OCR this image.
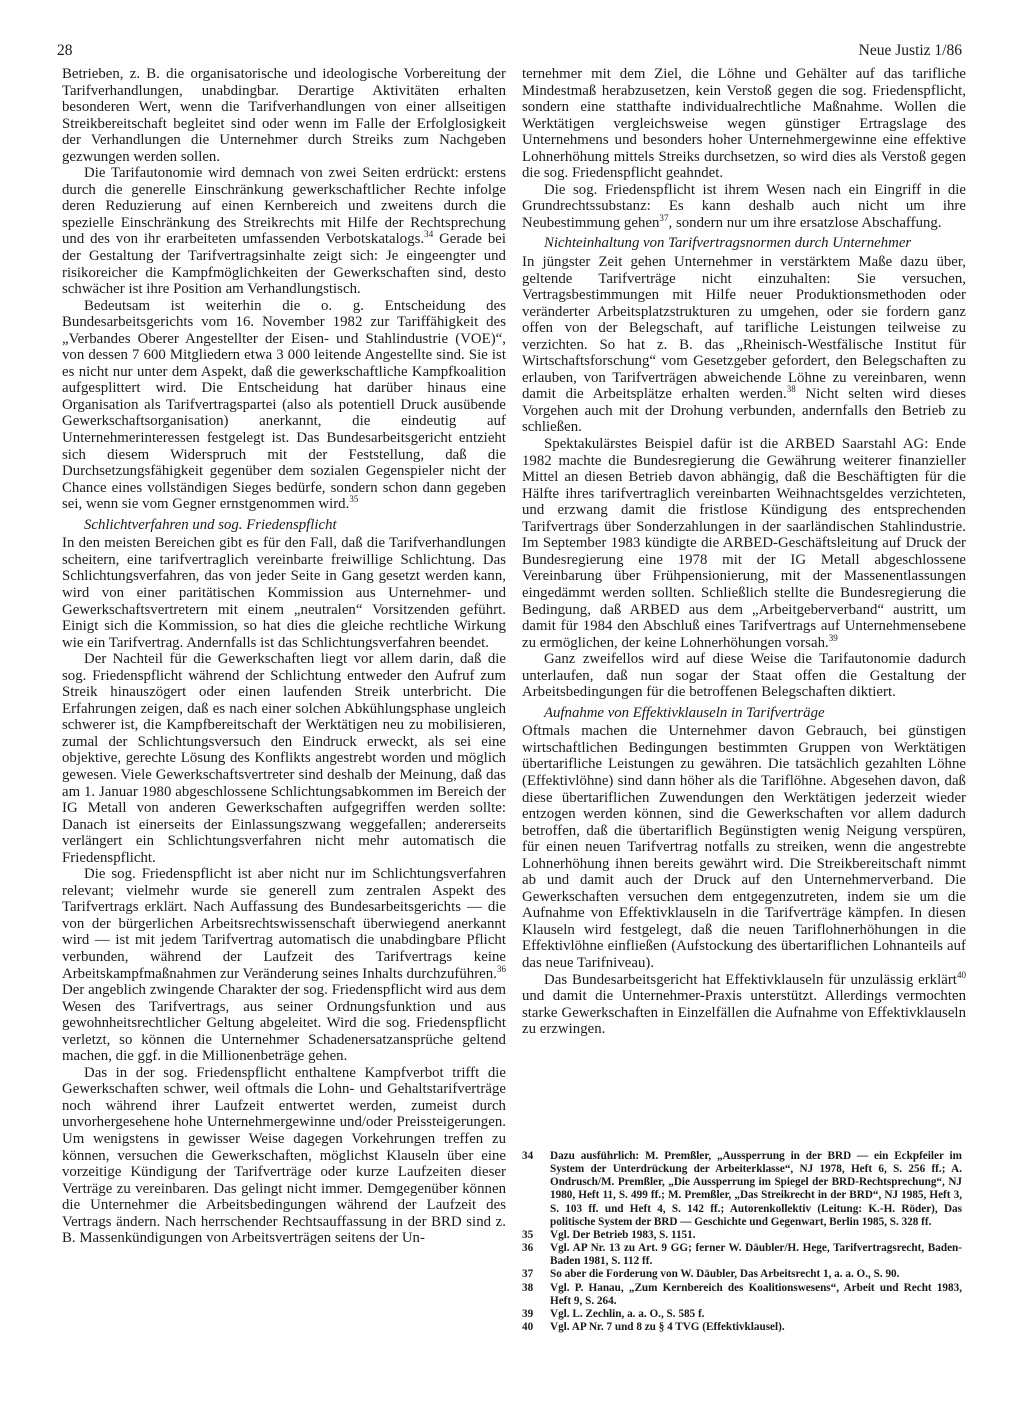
28	Neue Justiz 1/86

Betrieben, z. B. die organisatorische und ideologische Vorbereitung der Tarifverhandlungen, unabdingbar. Derartige Aktivitäten erhalten besonderen Wert, wenn die Tarifverhandlungen von einer allseitigen Streikbereitschaft begleitet sind oder wenn im Falle der Erfolglosigkeit der Verhandlungen die Unternehmer durch Streiks zum Nachgeben gezwungen werden sollen.

Die Tarifautonomie wird demnach von zwei Seiten erdrückt: erstens durch die generelle Einschränkung gewerkschaftlicher Rechte infolge deren Reduzierung auf einen Kernbereich und zweitens durch die spezielle Einschränkung des Streikrechts mit Hilfe der Rechtsprechung und des von ihr erarbeiteten umfassenden Verbotskatalogs.$^{34}$ Gerade bei der Gestaltung der Tarifvertragsinhalte zeigt sich: Je eingeengter und risikoreicher die Kampfmöglichkeiten der Gewerkschaften sind, desto schwächer ist ihre Position am Verhandlungstisch.

Bedeutsam ist weiterhin die o. g. Entscheidung des Bundesarbeitsgerichts vom 16. November 1982 zur Tariffähigkeit des „Verbandes Oberer Angestellter der Eisen- und Stahlindustrie (VOE)“, von dessen 7 600 Mitgliedern etwa 3 000 leitende Angestellte sind. Sie ist es nicht nur unter dem Aspekt, daß die gewerkschaftliche Kampfkoalition aufgesplittert wird. Die Entscheidung hat darüber hinaus eine Organisation als Tarifvertragspartei (also als potentiell Druck ausübende Gewerkschaftsorganisation) anerkannt, die eindeutig auf Unternehmerinteressen festgelegt ist. Das Bundesarbeitsgericht entzieht sich diesem Widerspruch mit der Feststellung, daß die Durchsetzungsfähigkeit gegenüber dem sozialen Gegenspieler nicht der Chance eines vollständigen Sieges bedürfe, sondern schon dann gegeben sei, wenn sie vom Gegner ernstgenommen wird.$^{35}$

Schlichtverfahren und sog. Friedenspflicht

In den meisten Bereichen gibt es für den Fall, daß die Tarifverhandlungen scheitern, eine tarifvertraglich vereinbarte freiwillige Schlichtung. Das Schlichtungsverfahren, das von jeder Seite in Gang gesetzt werden kann, wird von einer paritätischen Kommission aus Unternehmer- und Gewerkschaftsvertretern mit einem „neutralen“ Vorsitzenden geführt. Einigt sich die Kommission, so hat dies die gleiche rechtliche Wirkung wie ein Tarifvertrag. Andernfalls ist das Schlichtungsverfahren beendet.

Der Nachteil für die Gewerkschaften liegt vor allem darin, daß die sog. Friedenspflicht während der Schlichtung entweder den Aufruf zum Streik hinauszögert oder einen laufenden Streik unterbricht. Die Erfahrungen zeigen, daß es nach einer solchen Abkühlungsphase ungleich schwerer ist, die Kampfbereitschaft der Werktätigen neu zu mobilisieren, zumal der Schlichtungsversuch den Eindruck erweckt, als sei eine objektive, gerechte Lösung des Konflikts angestrebt worden und möglich gewesen. Viele Gewerkschaftsvertreter sind deshalb der Meinung, daß das am 1. Januar 1980 abgeschlossene Schlichtungsabkommen im Bereich der IG Metall von anderen Gewerkschaften aufgegriffen werden sollte: Danach ist einerseits der Einlassungszwang weggefallen; andererseits verlängert ein Schlichtungsverfahren nicht mehr automatisch die Friedenspflicht.

Die sog. Friedenspflicht ist aber nicht nur im Schlichtungsverfahren relevant; vielmehr wurde sie generell zum zentralen Aspekt des Tarifvertrags erklärt. Nach Auffassung des Bundesarbeitsgerichts — die von der bürgerlichen Arbeitsrechtswissenschaft überwiegend anerkannt wird — ist mit jedem Tarifvertrag automatisch die unabdingbare Pflicht verbunden, während der Laufzeit des Tarifvertrags keine Arbeitskampfmaßnahmen zur Veränderung seines Inhalts durchzuführen.$^{36}$ Der angeblich zwingende Charakter der sog. Friedenspflicht wird aus dem Wesen des Tarifvertrags, aus seiner Ordnungsfunktion und aus gewohnheitsrechtlicher Geltung abgeleitet. Wird die sog. Friedenspflicht verletzt, so können die Unternehmer Schadenersatzansprüche geltend machen, die ggf. in die Millionenbeträge gehen.

Das in der sog. Friedenspflicht enthaltene Kampfverbot trifft die Gewerkschaften schwer, weil oftmals die Lohn- und Gehaltstarifverträge noch während ihrer Laufzeit entwertet werden, zumeist durch unvorhergesehene hohe Unternehmergewinne und/oder Preissteigerungen. Um wenigstens in gewisser Weise dagegen Vorkehrungen treffen zu können, versuchen die Gewerkschaften, möglichst Klauseln über eine vorzeitige Kündigung der Tarifverträge oder kurze Laufzeiten dieser Verträge zu vereinbaren. Das gelingt nicht immer. Demgegenüber können die Unternehmer die Arbeitsbedingungen während der Laufzeit des Vertrags ändern. Nach herrschender Rechtsauffassung in der BRD sind z. B. Massenkündigungen von Arbeitsverträgen seitens der Un-

ternehmer mit dem Ziel, die Löhne und Gehälter auf das tarifliche Mindestmaß herabzusetzen, kein Verstoß gegen die sog. Friedenspflicht, sondern eine statthafte individualrechtliche Maßnahme. Wollen die Werktätigen vergleichsweise wegen günstiger Ertragslage des Unternehmens und besonders hoher Unternehmergewinne eine effektive Lohnerhöhung mittels Streiks durchsetzen, so wird dies als Verstoß gegen die sog. Friedenspflicht geahndet.

Die sog. Friedenspflicht ist ihrem Wesen nach ein Eingriff in die Grundrechtssubstanz: Es kann deshalb auch nicht um ihre Neubestimmung gehen$^{37}$, sondern nur um ihre ersatzlose Abschaffung.

Nichteinhaltung von Tarifvertragsnormen durch Unternehmer

In jüngster Zeit gehen Unternehmer in verstärktem Maße dazu über, geltende Tarifverträge nicht einzuhalten: Sie versuchen, Vertragsbestimmungen mit Hilfe neuer Produktionsmethoden oder veränderter Arbeitsplatzstrukturen zu umgehen, oder sie fordern ganz offen von der Belegschaft, auf tarifliche Leistungen teilweise zu verzichten. So hat z. B. das „Rheinisch-Westfälische Institut für Wirtschaftsforschung“ vom Gesetzgeber gefordert, den Belegschaften zu erlauben, von Tarifverträgen abweichende Löhne zu vereinbaren, wenn damit die Arbeitsplätze erhalten werden.$^{38}$ Nicht selten wird dieses Vorgehen auch mit der Drohung verbunden, andernfalls den Betrieb zu schließen.

Spektakulärstes Beispiel dafür ist die ARBED Saarstahl AG: Ende 1982 machte die Bundesregierung die Gewährung weiterer finanzieller Mittel an diesen Betrieb davon abhängig, daß die Beschäftigten für die Hälfte ihres tarifvertraglich vereinbarten Weihnachtsgeldes verzichteten, und erzwang damit die fristlose Kündigung des entsprechenden Tarifvertrags über Sonderzahlungen in der saarländischen Stahlindustrie. Im September 1983 kündigte die ARBED-Geschäftsleitung auf Druck der Bundesregierung eine 1978 mit der IG Metall abgeschlossene Vereinbarung über Frühpensionierung, mit der Massenentlassungen eingedämmt werden sollten. Schließlich stellte die Bundesregierung die Bedingung, daß ARBED aus dem „Arbeitgeberverband“ austritt, um damit für 1984 den Abschluß eines Tarifvertrags auf Unternehmensebene zu ermöglichen, der keine Lohnerhöhungen vorsah.$^{39}$

Ganz zweifellos wird auf diese Weise die Tarifautonomie dadurch unterlaufen, daß nun sogar der Staat offen die Gestaltung der Arbeitsbedingungen für die betroffenen Belegschaften diktiert.

Aufnahme von Effektivklauseln in Tarifverträge

Oftmals machen die Unternehmer davon Gebrauch, bei günstigen wirtschaftlichen Bedingungen bestimmten Gruppen von Werktätigen übertarifliche Leistungen zu gewähren. Die tatsächlich gezahlten Löhne (Effektivlöhne) sind dann höher als die Tariflöhne. Abgesehen davon, daß diese übertariflichen Zuwendungen den Werktätigen jederzeit wieder entzogen werden können, sind die Gewerkschaften vor allem dadurch betroffen, daß die übertariflich Begünstigten wenig Neigung verspüren, für einen neuen Tarifvertrag notfalls zu streiken, wenn die angestrebte Lohnerhöhung ihnen bereits gewährt wird. Die Streikbereitschaft nimmt ab und damit auch der Druck auf den Unternehmerverband. Die Gewerkschaften versuchen dem entgegenzutreten, indem sie um die Aufnahme von Effektivklauseln in die Tarifverträge kämpfen. In diesen Klauseln wird festgelegt, daß die neuen Tariflohnerhöhungen in die Effektivlöhne einfließen (Aufstockung des übertariflichen Lohnanteils auf das neue Tarifniveau).

Das Bundesarbeitsgericht hat Effektivklauseln für unzulässig erklärt$^{40}$ und damit die Unternehmer-Praxis unterstützt. Allerdings vermochten starke Gewerkschaften in Einzelfällen die Aufnahme von Effektivklauseln zu erzwingen.

34	Dazu ausführlich: M. Premßler, „Aussperrung in der BRD — ein Eckpfeiler im System der Unterdrückung der Arbeiterklasse“, NJ 1978, Heft 6, S. 256 ff.; A. Ondrusch/M. Premßler, „Die Aussperrung im Spiegel der BRD-Rechtsprechung“, NJ 1980, Heft 11, S. 499 ff.; M. Premßler, „Das Streikrecht in der BRD“, NJ 1985, Heft 3, S. 103 ff. und Heft 4, S. 142 ff.; Autorenkollektiv (Leitung: K.-H. Röder), Das politische System der BRD — Geschichte und Gegenwart, Berlin 1985, S. 328 ff.
35	Vgl. Der Betrieb 1983, S. 1151.
36	Vgl. AP Nr. 13 zu Art. 9 GG; ferner W. Däubler/H. Hege, Tarifvertragsrecht, Baden-Baden 1981, S. 112 ff.
37	So aber die Forderung von W. Däubler, Das Arbeitsrecht 1, a. a. O., S. 90.
38	Vgl. P. Hanau, „Zum Kernbereich des Koalitionswesens“, Arbeit und Recht 1983, Heft 9, S. 264.
39	Vgl. L. Zechlin, a. a. O., S. 585 f.
40	Vgl. AP Nr. 7 und 8 zu § 4 TVG (Effektivklausel).
